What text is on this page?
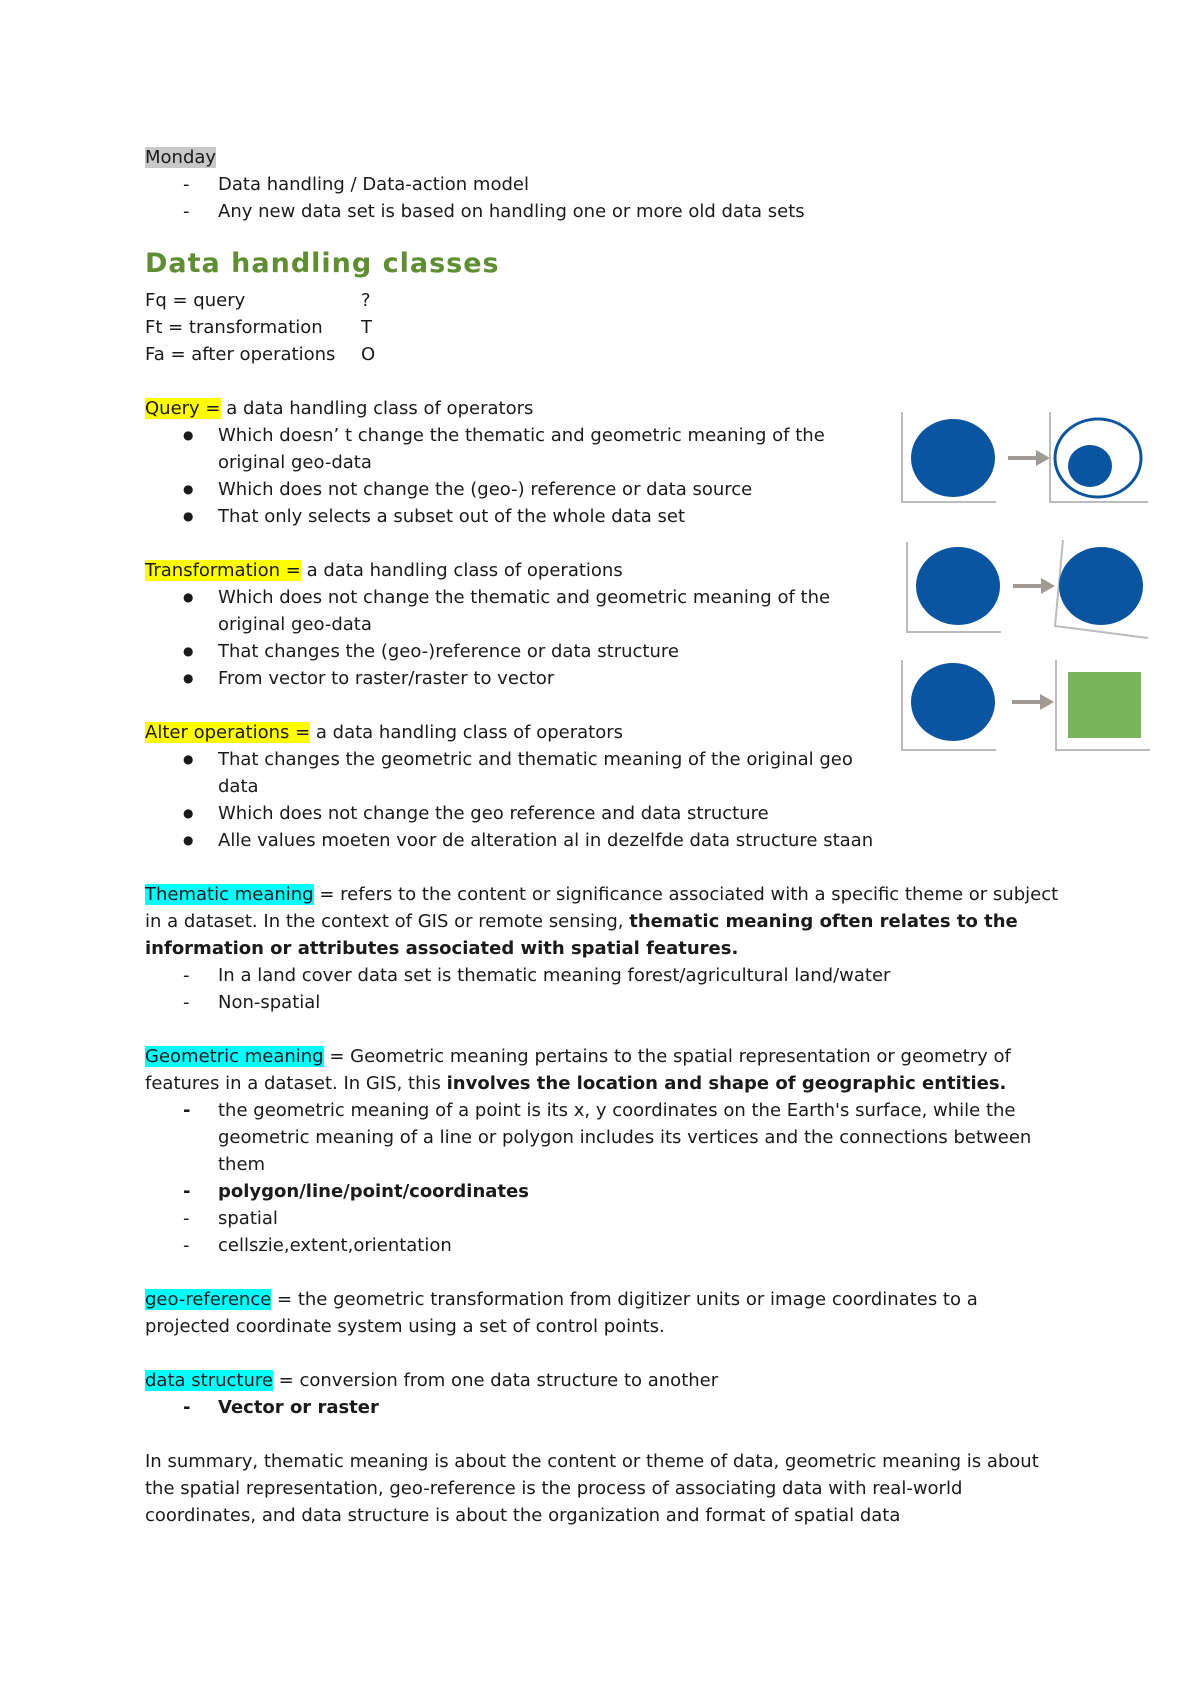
Monday

- Data handling / Data-action model
- Any new data set is based on handling one or more old data sets
Data handling classes
Fq = query	?
Ft = transformation	T
Fa = after operations	O

Query = a data handling class of operators

● Which doesn’ t change the thematic and geometric meaning of the
original geo-data
● Which does not change the (geo-) reference or data source
● That only selects a subset out of the whole data set

Transformation = a data handling class of operations

● Which does not change the thematic and geometric meaning of the
original geo-data
● That changes the (geo-)reference or data structure
● From vector to raster/raster to vector

Alter operations = a data handling class of operators

● That changes the geometric and thematic meaning of the original geo
data
● Which does not change the geo reference and data structure
● Alle values moeten voor de alteration al in dezelfde data structure staan

Thematic meaning = refers to the content or significance associated with a specific theme or subject

in a dataset. In the context of GIS or remote sensing, thematic meaning often relates to the

information or attributes associated with spatial features.

- In a land cover data set is thematic meaning forest/agricultural land/water
- Non-spatial

Geometric meaning = Geometric meaning pertains to the spatial representation or geometry of

features in a dataset. In GIS, this involves the location and shape of geographic entities.

- the geometric meaning of a point is its x, y coordinates on the Earth's surface, while the
geometric meaning of a line or polygon includes its vertices and the connections between
them
- polygon/line/point/coordinates
- spatial
- cellszie,extent,orientation

geo-reference = the geometric transformation from digitizer units or image coordinates to a

projected coordinate system using a set of control points.

data structure = conversion from one data structure to another

- Vector or raster

In summary, thematic meaning is about the content or theme of data, geometric meaning is about

the spatial representation, geo-reference is the process of associating data with real-world

coordinates, and data structure is about the organization and format of spatial data
